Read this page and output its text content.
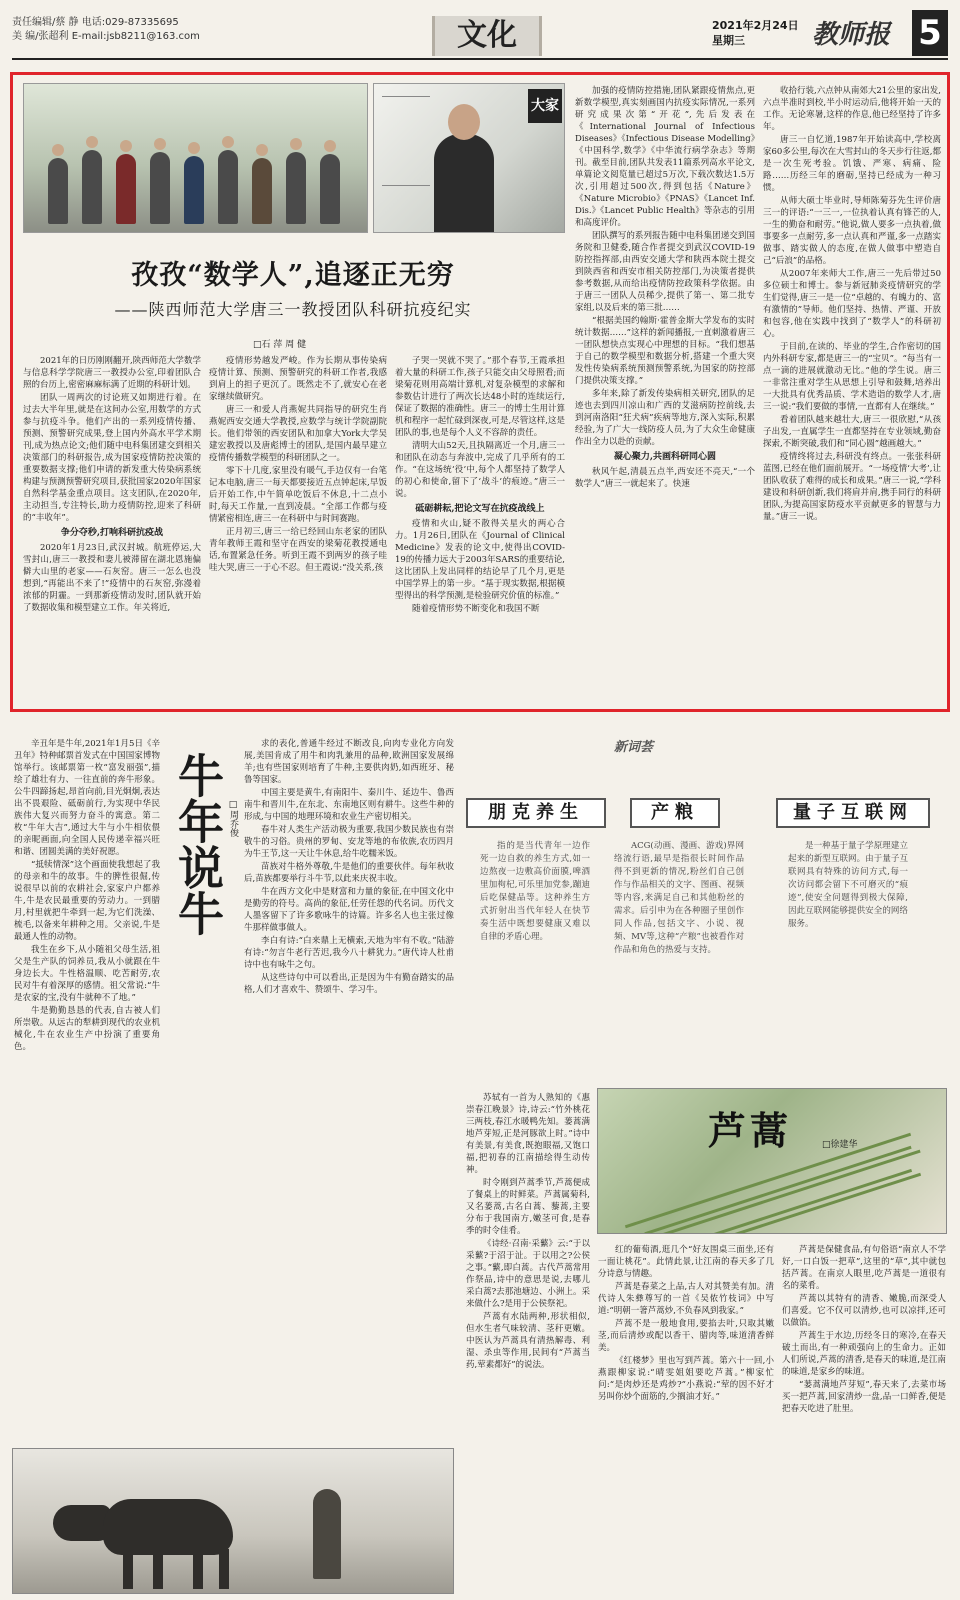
责任编辑/蔡 静 电话:029-87335695
美 编/张超利 E-mail:jsb8211@163.com	文化	2021年2月24日
星期三	教师报 5
大家
孜孜“数学人”,追逐正无穷
——陕西师范大学唐三一教授团队科研抗疫纪实
□石 萍 周 健

2021年的日历刚刚翻开,陕西师范大学数学与信息科学学院唐三一教授办公室,印着团队合照的台历上,密密麻麻标满了近期的科研计划。

团队一周两次的讨论班又如期进行着。在过去大半年里,就是在这间办公室,用数学的方式参与抗疫斗争。他们产出的一系列疫情传播、预测、预警研究成果,登上国内外高水平学术期刊,成为热点论文;他们随中电科集团建交到相关决策部门的科研报告,成为国家疫情防控决策的重要数据支撑;他们申请的新发重大传染病系统构建与预测预警研究项目,获批国家2020年国家自然科学基金重点项目。这支团队,在2020年,主动担当,专注特长,助力疫情防控,迎来了科研的“丰收年”。

争分夺秒,打响科研抗疫战

2020年1月23日,武汉封城。航班停运,大雪封山,唐三一教授和妻儿被滞留在湖北恩施偏僻大山里的老家——石灰窑。唐三一怎么也没想到,“再能出不来了!”疫情中的石灰窑,弥漫着浓郁的阴霾。一到那新疫情动发时,团队就开始了数据收集和模型建立工作。年关将近,

疫情形势越发严峻。作为长期从事传染病疫情计算、预测、预警研究的科研工作者,我感到肩上的担子更沉了。既然走不了,就安心在老家继续做研究。

唐三一和爱人肖燕妮共同指导的研究生肖燕妮西安交通大学教授,应数学与统计学院副院长。他们带领的西安团队和加拿大York大学吴建宏教授以及唐彪博士的团队,是国内最早建立疫情传播数学模型的科研团队之一。

零下十几度,家里没有暖气,手边仅有一台笔记本电脑,唐三一每天都要接近五点钟起床,早饭后开始工作,中午简单吃饭后不休息,十二点小时,每天工作量,一直到凌晨。“全部工作都与疫情紧密相连,唐三一在科研中与时间赛跑。

正月初三,唐三一给已经回山东老家的团队青年教师王霞和坚守在西安的梁菊花教授通电话,布置紧急任务。听到王霞不到两岁的孩子哇哇大哭,唐三一于心不忍。但王霞说:“没关系,孩

子哭一哭就不哭了。”那个春节,王霞承担着大量的科研工作,孩子只能交由父母照看;而梁菊花则用高端计算机,对复杂模型的求解和参数估计进行了两次长达48小时的连续运行,保证了数据的准确性。唐三一的博士生用计算机和程序一起忙碌到深夜,可是,尽管这样,这是团队的事,也是每个人义不容辞的责任。

清明大山52天,且执隔离近一个月,唐三一和团队在动态与奔波中,完成了几乎所有的工作。“在这场统‘役’中,每个人都坚持了数学人的初心和使命,留下了‘战斗’的痕迹。”唐三一说。

砥砺耕耘,把论文写在抗疫战线上

疫情和火山,疑不散得关星火的两心合力。1月26日,团队在《Journal of Clinical Medicine》发表的论文中,使得出COVID-19的传播力远大于2003年SARS的重要结论,这比团队上发出同样的结论早了几个月,更是中国学界上的第一步。“基于现实数据,根据模型得出的科学预测,是检验研究价值的标准。”

随着疫情形势不断变化和我国不断

加强的疫情防控措施,团队紧跟疫情焦点,更新数学模型,真实刻画国内抗疫实际情况,一系列研究成果次第“开花”,先后发表在《International Journal of Infectious Diseases》《Infectious Disease Modelling》《中国科学,数学》《中华流行病学杂志》等期刊。截至目前,团队共发表11篇系列高水平论文,单篇论文阅览量已超过5万次,下载次数达1.5万次,引用超过500次,得到包括《Nature》《Nature Microbio》《PNAS》《Lancet Inf. Dis.》《Lancet Public Health》等杂志的引用和高度评价。

团队撰写的系列报告随中电科集团递交到国务院和卫健委,随合作者提交到武汉COVID-19防控指挥部,由西安交通大学和陕西本院土提交到陕西省和西安市相关防控部门,为决策者提供参考数据,从而给出疫情防控政策科学依据。由于唐三一团队人员稀少,提供了第一、第二批专家组,以及后来的第三批……

“根据美国约翰斯·霍普金斯大学发布的实时统计数据……”这样的新闻播报,一直刺激着唐三一团队想快点实现心中理想的目标。“我们想基于自己的数学模型和数据分析,搭建一个重大突发性传染病系统预测预警系统,为国家的防控部门提供决策支撑。”

多年来,除了新发传染病相关研究,团队的足迹也去到四川凉山和广西的艾滋病防控前线,去到河南洛阳“狂犬病”疾病等地方,深入实际,积累经验,为了广大一线防疫人员,为了大众生命健康作出全力以赴的贡献。

凝心聚力,共画科研同心圆

秋风午起,清晨五点半,西安还不亮天,“一个数学人”唐三一就起来了。快速

收拾行装,六点钟从南郊大21公里的家出发,六点半准时到校,半小时运动后,他将开始一天的工作。无论寒暑,这样的作息,他已经坚持了许多年。

唐三一自忆道,1987年开始读高中,学校离家60多公里,每次在大雪封山的冬天步行往返,都是一次生死考验。饥饿、严寒、病痛、险路……历经三年的磨砺,坚持已经成为一种习惯。

从师大硕士毕业时,导师陈菊芬先生评价唐三一的评语:“一三一,一位执着认真有锋芒的人,一生的勤奋和耐劳。”他说,做人要多一点执着,做事要多一点耐劳,多一点认真和严谨,多一点踏实做事、踏实做人的态度,在做人做事中塑造自己“后浪”的品格。

从2007年来师大工作,唐三一先后带过50多位硕士和博士。参与新冠肺炎疫情研究的学生们觉得,唐三一是一位“卓越的、有魄力的、富有激情的”导师。他们坚持、热情、严谨、开放和包容,他在实践中找到了“数学人”的科研初心。

于目前,在读的、毕业的学生,合作密切的国内外科研专家,都是唐三一的“宝贝”。“每当有一点一滴的进展就激动无比。”他的学生说。唐三一非常注重对学生从思想上引导和鼓舞,培养出一大批具有优秀品质、学术造诣的数学人才,唐三一说:“我们要做的事情,一直都有人在继续。”

看着团队越来越壮大,唐三一很欣慰,“从孩子出发,一直属学生一直都坚持在专业领域,勤奋探索,不断突破,我们和“同心圆”越画越大。”

疫情终将过去,科研没有终点。一张张科研蓝图,已经在他们面前展开。“一场疫情‘大考’,让团队收获了难得的成长和成果。”唐三一说,“学科建设和科研创新,我们将肩并肩,携手同行的科研团队,为提高国家防疫水平贡献更多的智慧与力量。”唐三一说。

辛丑年是牛年,2021年1月5日《辛丑年》特种邮票首发式在中国国家博物馆举行。该邮票第一枚“富发丽强”,描绘了雄壮有力、一往直前的奔牛形象。公牛四蹄扬起,昂首向前,目光炯炯,表达出不畏艰险、砥砺前行,为实现中华民族伟大复兴而努力奋斗的寓意。第二枚“牛年大吉”,通过大牛与小牛相依偎的亲昵画面,向全国人民传递幸福兴旺和谐、团圆美满的美好祝愿。

“抵犊情深”这个画面使我想起了我的母亲和牛的故事。牛的脾性很倔,传说很早以前的农耕社会,家家户户都养牛,牛是农民最重要的劳动力。一到腊月,村里就把牛牵到一起,为它们洗澡、梳毛,以备来年耕种之用。父亲说,牛是最通人性的动物。

我生在乡下,从小随祖父母生活,祖父是生产队的饲养员,我从小就跟在牛身边长大。牛性格温顺、吃苦耐劳,农民对牛有着深厚的感情。祖父常说:“牛是农家的宝,没有牛就种不了地。”

牛是勤勤恳恳的代表,自古被人们所崇敬。从远古的犁耕到现代的农业机械化,牛在农业生产中扮演了重要角色。

牛年说牛 □周乔俊

求的表化,普通牛经过不断改良,向肉专业化方向发展,美国肯成了用牛和肉乳兼用的品种,欧洲国家发展绵羊;也有些国家则培育了牛种,主要供肉奶,如西班牙、秘鲁等国家。

中国主要是黄牛,有南阳牛、秦川牛、延边牛、鲁西南牛和晋川牛,在东北、东南地区则有耕牛。这些牛种的形成,与中国的地理环境和农业生产密切相关。

春牛对人类生产活动极为重要,我国少数民族也有崇敬牛的习俗。贵州的罗甸、安龙等地的布依族,农历四月为牛王节,这一天让牛休息,给牛吃糯米饭。

苗族对牛格外尊敬,牛是他们的重要伙伴。每年秋收后,苗族都要举行斗牛节,以此来庆祝丰收。

牛在西方文化中是财富和力量的象征,在中国文化中是勤劳的符号。高尚的象征,任劳任怨的代名词。历代文人墨客留下了许多歌咏牛的诗篇。许多名人也主张过像牛那样做事做人。

李白有诗:“白来鼎上无横索,天地为牢有不收。”陆游有诗:“勿言牛老行苦迟,我今八十耕犹力。”唐代诗人杜甫诗中也有咏牛之句。

从这些诗句中可以看出,正是因为牛有勤奋踏实的品格,人们才喜欢牛、赞颂牛、学习牛。

新词荟
朋克养生

指的是当代青年一边作死一边自救的养生方式,如一边熬夜一边敷高价面膜,啤酒里加枸杞,可乐里加党参,蹦迪后吃保健品等。这种养生方式折射出当代年轻人在快节奏生活中既想要健康又难以自律的矛盾心理。

产粮

ACG(动画、漫画、游戏)界网络流行语,最早是指很长时间作品得不到更新的情况,粉丝们自己创作与作品相关的文字、图画、视频等内容,来满足自己和其他粉丝的需求。后引申为在各种圈子里创作同人作品,包括文字、小说、视频、MV等,这种“产粮”也被看作对作品和角色的热爱与支持。

量子互联网

是一种基于量子学原理建立起来的新型互联网。由于量子互联网具有特殊的访问方式,每一次访问都会留下不可磨灭的“痕迹”,使安全问题得到极大保障,因此互联网能够提供安全的网络服务。

苏轼有一首为人熟知的《惠崇春江晚景》诗,诗云:“竹外桃花三两枝,春江水暖鸭先知。蒌蒿满地芦芽短,正是河豚欲上时。”诗中有美景,有美食,既抱眼福,又饱口福,把初春的江南描绘得生动传神。

时令刚到芦蒿季节,芦蒿便成了餐桌上的时鲜菜。芦蒿属菊科,又名蒌蒿,古名白蒿、藜蒿,主要分布于我国南方,嫩茎可食,是春季的时令佳肴。

《诗经·召南·采蘩》云:“于以采蘩?于沼于沚。于以用之?公侯之事。”蘩,即白蒿。古代芦蒿常用作祭品,诗中的意思是说,去哪儿采白蒿?去那池塘边、小洲上。采来做什么?是用于公侯祭祀。

芦蒿有水陆两种,形状相似,但水生者气味较清、茎秆更嫩。中医认为芦蒿具有清热解毒、利湿、杀虫等作用,民间有“芦蒿当药,荤素都好”的说法。

芦蒿	□徐建华

红的葡萄酒,逛几个“好友围桌三面坐,还有一面让桃花”。此情此景,让江南的春天多了几分诗意与情趣。

芦蒿是春菜之上品,古人对其赞美有加。清代诗人朱彝尊写的一首《吴侬竹枝词》中写道:“明朝一箸芦蒿炒,不负春风到我家。”

芦蒿不是一般地食用,要掐去叶,只取其嫩茎,而后清炒或配以香干、腊肉等,味道清香鲜美。

《红楼梦》里也写到芦蒿。第六十一回,小燕跟柳家说:“晴雯姐姐要吃芦蒿。”柳家忙问:“是肉炒还是鸡炒?”小燕说:“荤的因不好才另叫你炒个面筋的,少搁油才好。”

芦蒿是保健食品,有句俗语“南京人不学好,一口白饭一把草”,这里的“草”,其中就包括芦蒿。在南京人眼里,吃芦蒿是一道很有名的菜肴。

芦蒿以其特有的清香、嫩脆,而深受人们喜爱。它不仅可以清炒,也可以凉拌,还可以做馅。

芦蒿生于水边,历经冬日的寒冷,在春天破土而出,有一种顽强向上的生命力。正如人们所说,芦蒿的清香,是春天的味道,是江南的味道,是家乡的味道。

“蒌蒿满地芦芽短”,春天来了,去菜市场买一把芦蒿,回家清炒一盘,品一口鲜香,便是把春天吃进了肚里。
